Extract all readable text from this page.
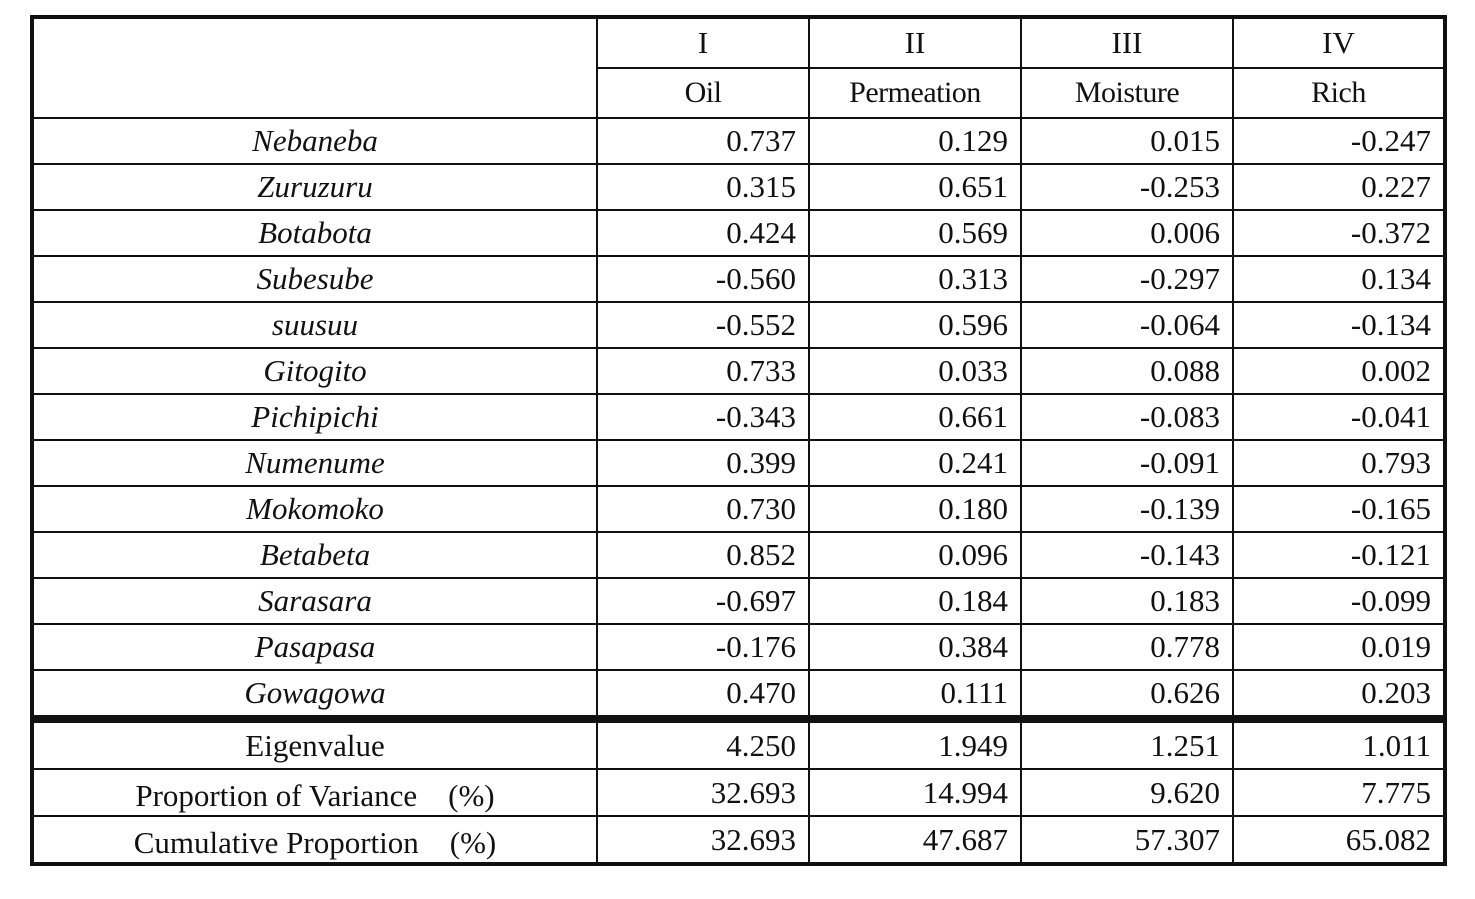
	I	II	III	IV
	Oil	Permeation	Moisture	Rich
Nebaneba	0.737	0.129	0.015	-0.247
Zuruzuru	0.315	0.651	-0.253	0.227
Botabota	0.424	0.569	0.006	-0.372
Subesube	-0.560	0.313	-0.297	0.134
suusuu	-0.552	0.596	-0.064	-0.134
Gitogito	0.733	0.033	0.088	0.002
Pichipichi	-0.343	0.661	-0.083	-0.041
Numenume	0.399	0.241	-0.091	0.793
Mokomoko	0.730	0.180	-0.139	-0.165
Betabeta	0.852	0.096	-0.143	-0.121
Sarasara	-0.697	0.184	0.183	-0.099
Pasapasa	-0.176	0.384	0.778	0.019
Gowagowa	0.470	0.111	0.626	0.203
Eigenvalue	4.250	1.949	1.251	1.011
Proportion of Variance　(%)	32.693	14.994	9.620	7.775
Cumulative Proportion　(%)	32.693	47.687	57.307	65.082
